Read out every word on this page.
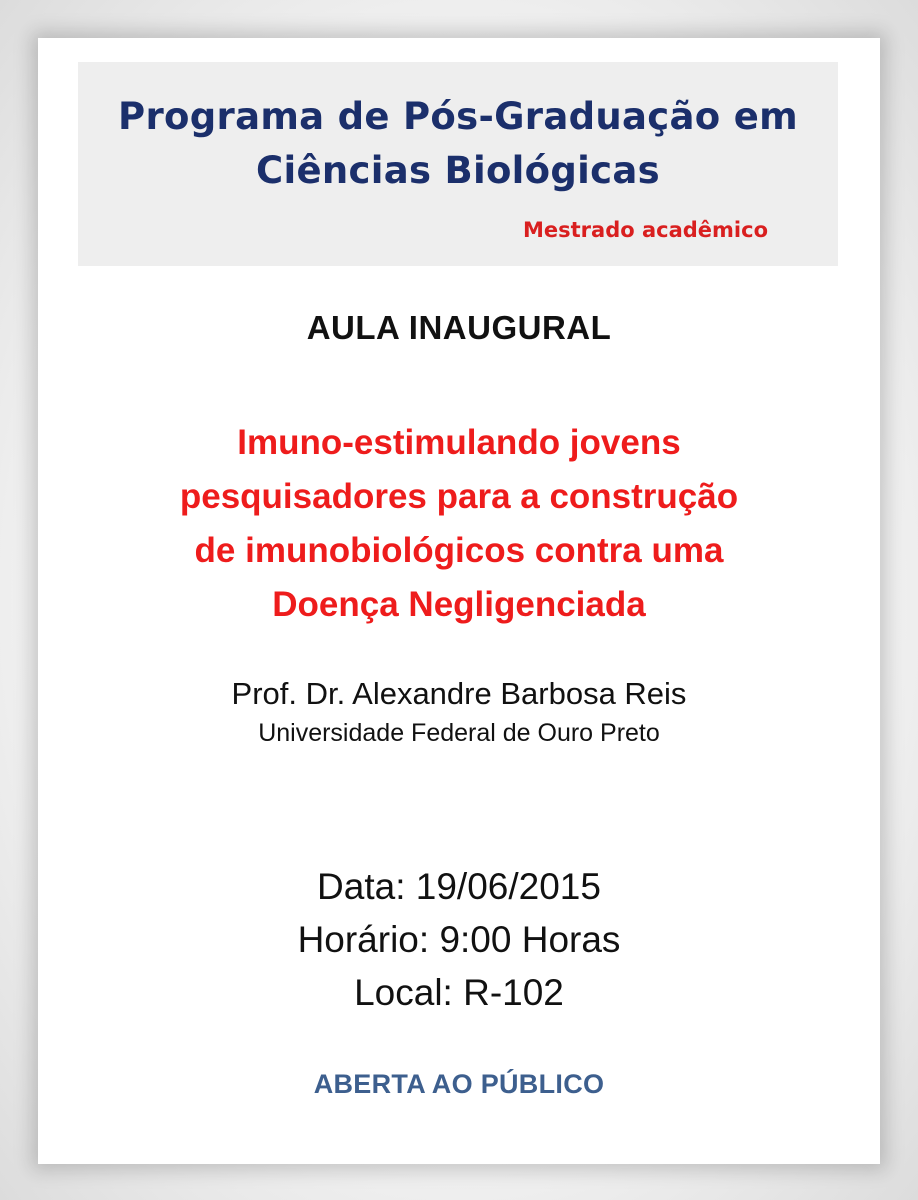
Programa de Pós-Graduação em
Ciências Biológicas
Mestrado acadêmico
AULA INAUGURAL
Imuno-estimulando jovens
pesquisadores para a construção
de imunobiológicos contra uma
Doença Negligenciada
Prof. Dr. Alexandre Barbosa Reis
Universidade Federal de Ouro Preto
Data: 19/06/2015
Horário: 9:00 Horas
Local: R-102
ABERTA AO PÚBLICO
